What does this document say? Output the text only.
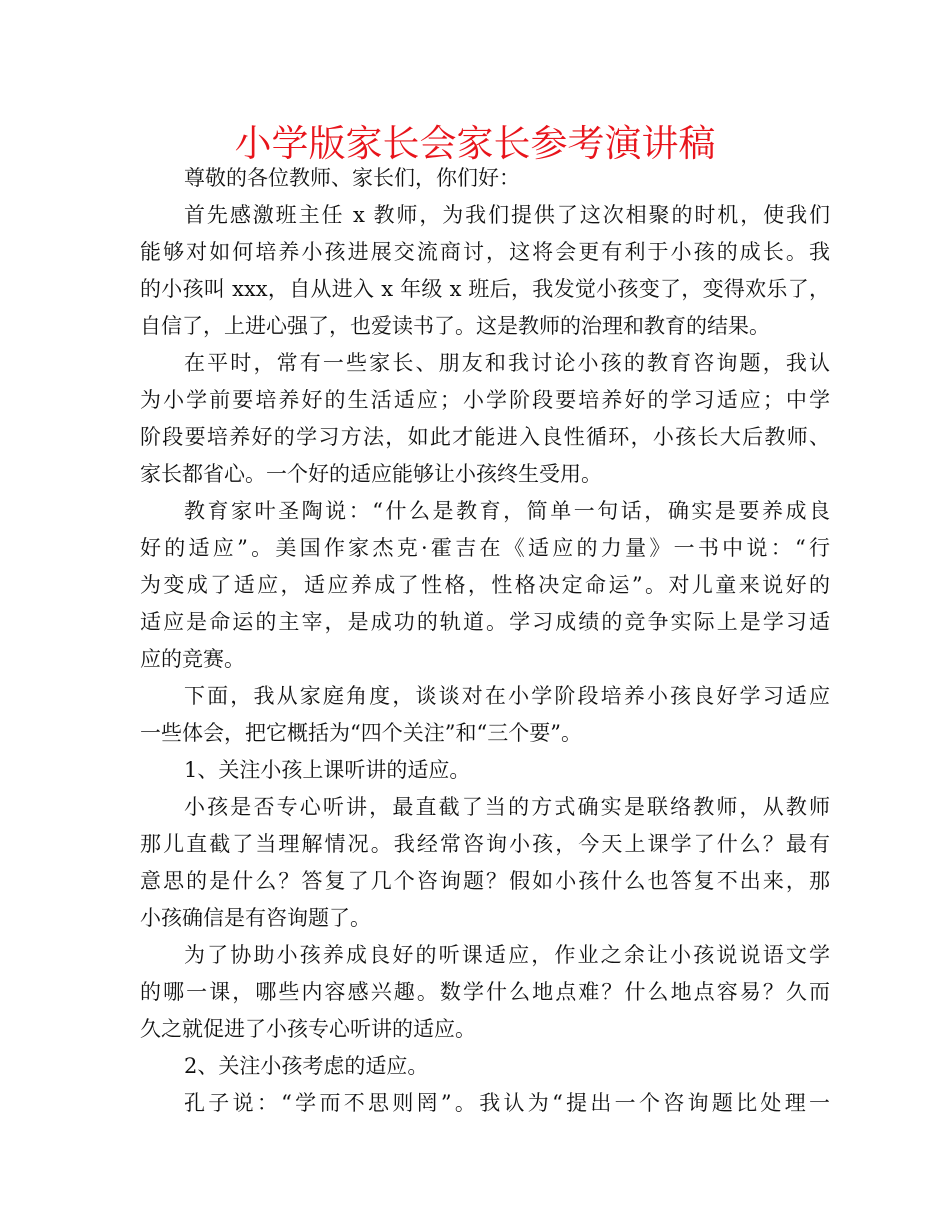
小学版家长会家长参考演讲稿
尊敬的各位教师、家长们，你们好：
首先感激班主任 x 教师，为我们提供了这次相聚的时机，使我们
能够对如何培养小孩进展交流商讨，这将会更有利于小孩的成长。我
的小孩叫 xxx，自从进入 x 年级 x 班后，我发觉小孩变了，变得欢乐了，
自信了，上进心强了，也爱读书了。这是教师的治理和教育的结果。
在平时，常有一些家长、朋友和我讨论小孩的教育咨询题，我认
为小学前要培养好的生活适应；小学阶段要培养好的学习适应；中学
阶段要培养好的学习方法，如此才能进入良性循环，小孩长大后教师、
家长都省心。一个好的适应能够让小孩终生受用。
教育家叶圣陶说：“什么是教育，简单一句话，确实是要养成良
好的适应”。美国作家杰克·霍吉在《适应的力量》一书中说：“行
为变成了适应，适应养成了性格，性格决定命运”。对儿童来说好的
适应是命运的主宰，是成功的轨道。学习成绩的竞争实际上是学习适
应的竞赛。
下面，我从家庭角度，谈谈对在小学阶段培养小孩良好学习适应
一些体会，把它概括为“四个关注”和“三个要”。
1、关注小孩上课听讲的适应。
小孩是否专心听讲，最直截了当的方式确实是联络教师，从教师
那儿直截了当理解情况。我经常咨询小孩，今天上课学了什么？最有
意思的是什么？答复了几个咨询题？假如小孩什么也答复不出来，那
小孩确信是有咨询题了。
为了协助小孩养成良好的听课适应，作业之余让小孩说说语文学
的哪一课，哪些内容感兴趣。数学什么地点难？什么地点容易？久而
久之就促进了小孩专心听讲的适应。
2、关注小孩考虑的适应。
孔子说：“学而不思则罔”。我认为“提出一个咨询题比处理一
